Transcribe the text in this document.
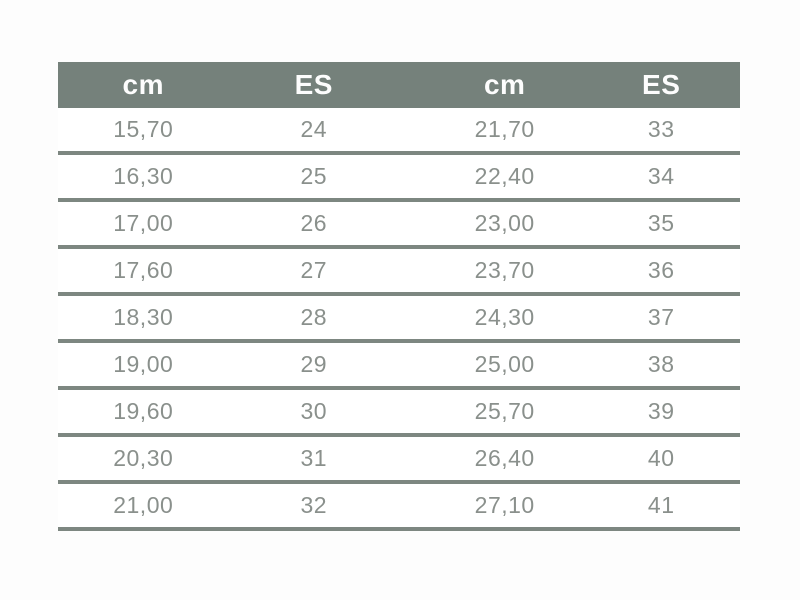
cm	ES	cm	ES
15,70	24	21,70	33
16,30	25	22,40	34
17,00	26	23,00	35
17,60	27	23,70	36
18,30	28	24,30	37
19,00	29	25,00	38
19,60	30	25,70	39
20,30	31	26,40	40
21,00	32	27,10	41
